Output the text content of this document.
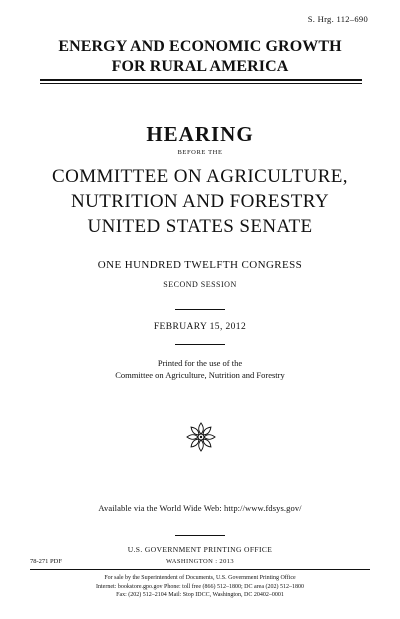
S. Hrg. 112–690
ENERGY AND ECONOMIC GROWTH
FOR RURAL AMERICA
HEARING
BEFORE THE
COMMITTEE ON AGRICULTURE,
NUTRITION AND FORESTRY
UNITED STATES SENATE
ONE HUNDRED TWELFTH CONGRESS
SECOND SESSION
FEBRUARY 15, 2012
Printed for the use of the
Committee on Agriculture, Nutrition and Forestry
Available via the World Wide Web: http://www.fdsys.gov/
U.S. GOVERNMENT PRINTING OFFICE
78-271 PDF	WASHINGTON : 2013
For sale by the Superintendent of Documents, U.S. Government Printing Office
Internet: bookstore.gpo.gov Phone: toll free (866) 512–1800; DC area (202) 512–1800
Fax: (202) 512–2104 Mail: Stop IDCC, Washington, DC 20402–0001
